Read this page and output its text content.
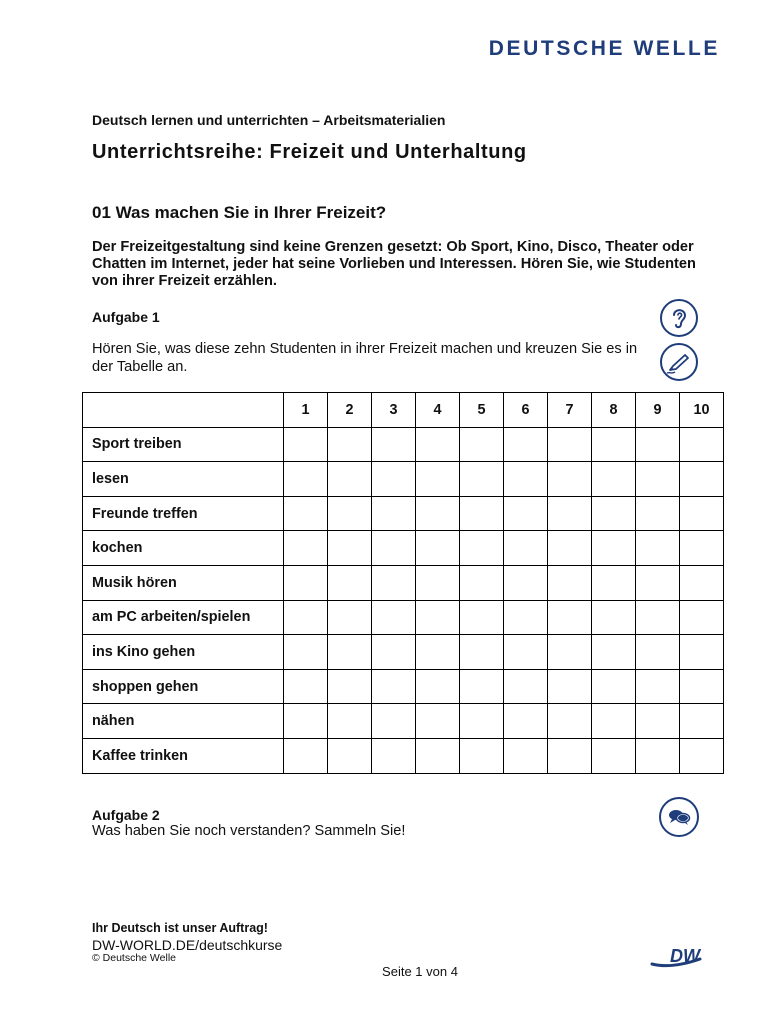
DEUTSCHE WELLE
Deutsch lernen und unterrichten – Arbeitsmaterialien
Unterrichtsreihe: Freizeit und Unterhaltung
01 Was machen Sie in Ihrer Freizeit?
Der Freizeitgestaltung sind keine Grenzen gesetzt: Ob Sport, Kino, Disco, Theater oder Chatten im Internet, jeder hat seine Vorlieben und Interessen. Hören Sie, wie Studenten von ihrer Freizeit erzählen.
Aufgabe 1
Hören Sie, was diese zehn Studenten in ihrer Freizeit machen und kreuzen Sie es in der Tabelle an.
	1	2	3	4	5	6	7	8	9	10
Sport treiben										
lesen										
Freunde treffen										
kochen										
Musik hören										
am PC arbeiten/spielen										
ins Kino gehen										
shoppen gehen										
nähen										
Kaffee trinken										
Aufgabe 2
Was haben Sie noch verstanden? Sammeln Sie!
Ihr Deutsch ist unser Auftrag!
DW-WORLD.DE/deutschkurse
© Deutsche Welle
Seite 1 von 4
DW
